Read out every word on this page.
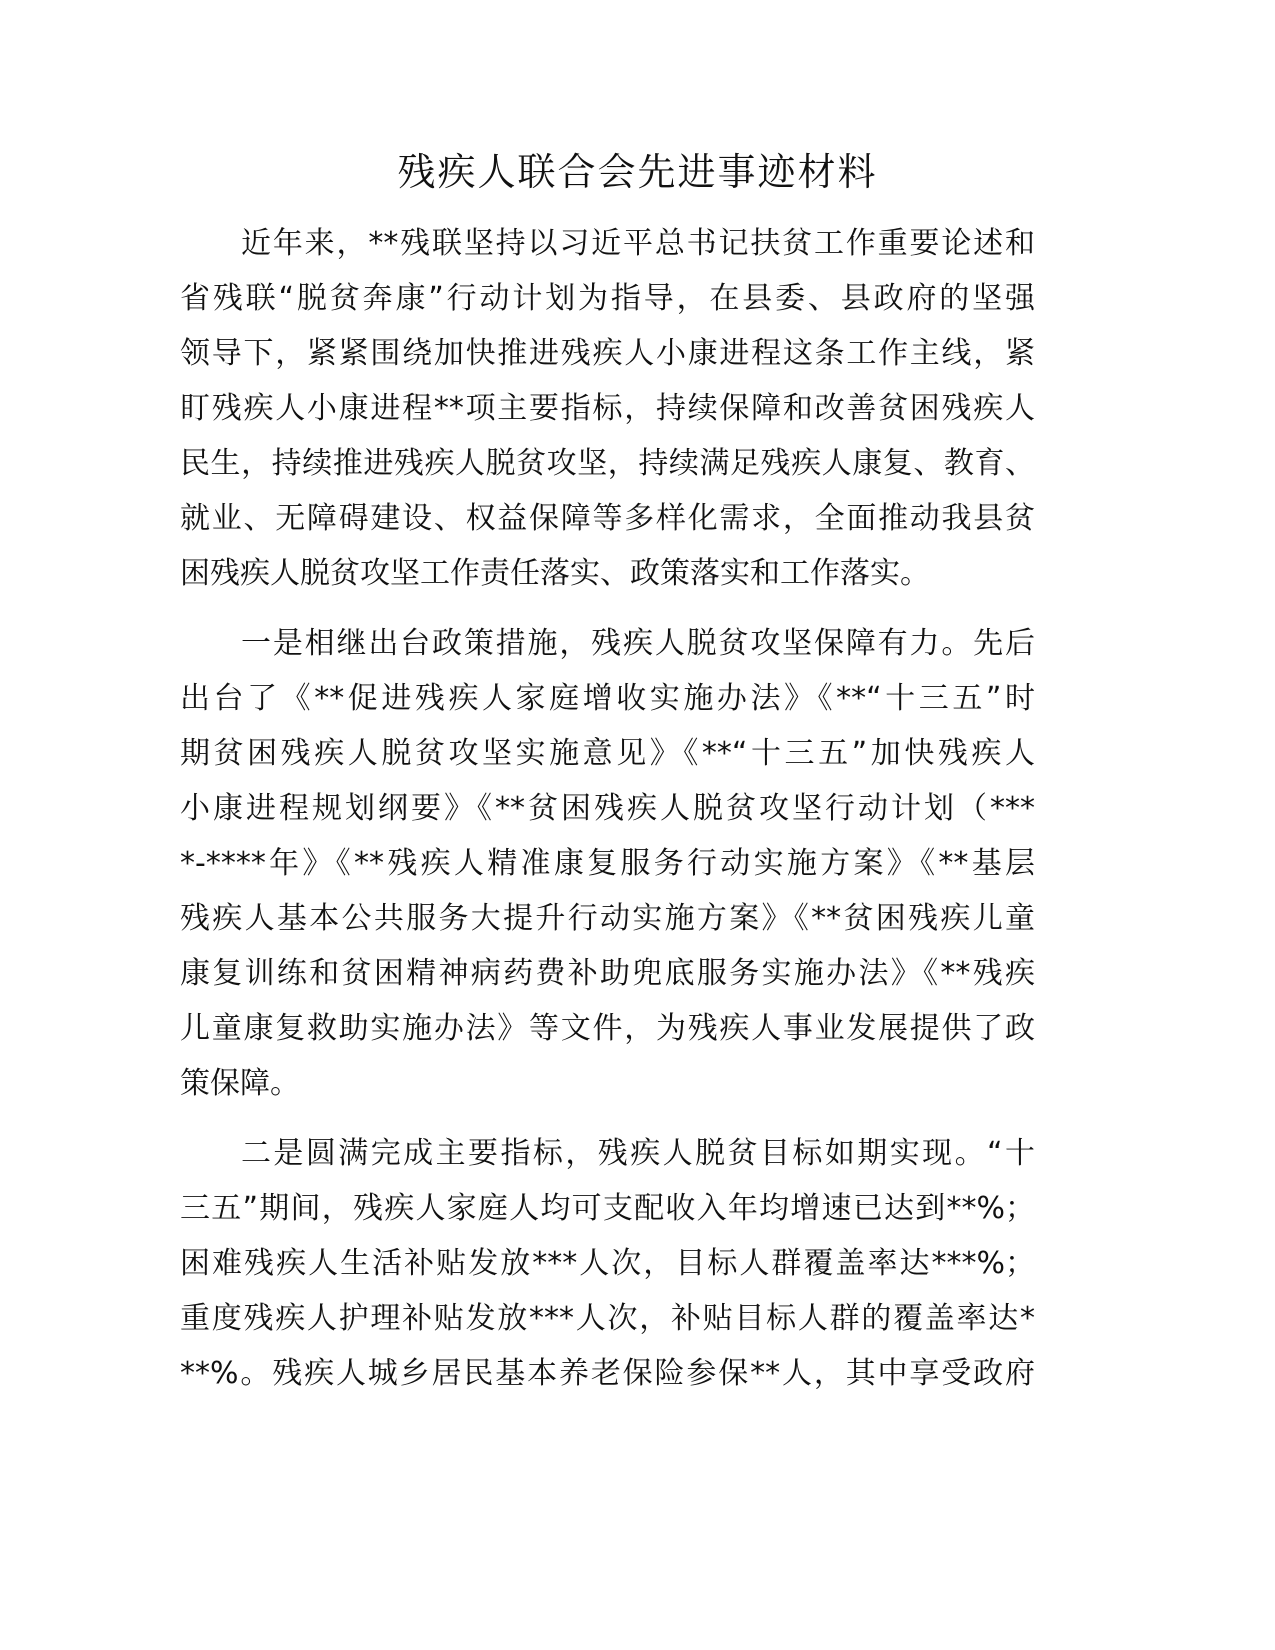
残疾人联合会先进事迹材料
近年来，**残联坚持以习近平总书记扶贫工作重要论述和
省残联“脱贫奔康”行动计划为指导，在县委、县政府的坚强
领导下，紧紧围绕加快推进残疾人小康进程这条工作主线，紧
盯残疾人小康进程**项主要指标，持续保障和改善贫困残疾人
民生，持续推进残疾人脱贫攻坚，持续满足残疾人康复、教育、
就业、无障碍建设、权益保障等多样化需求，全面推动我县贫
困残疾人脱贫攻坚工作责任落实、政策落实和工作落实。
一是相继出台政策措施，残疾人脱贫攻坚保障有力。先后
出台了《**促进残疾人家庭增收实施办法》《**“十三五”时
期贫困残疾人脱贫攻坚实施意见》《**“十三五”加快残疾人
小康进程规划纲要》《**贫困残疾人脱贫攻坚行动计划（***
*-****年》《**残疾人精准康复服务行动实施方案》《**基层
残疾人基本公共服务大提升行动实施方案》《**贫困残疾儿童
康复训练和贫困精神病药费补助兜底服务实施办法》《**残疾
儿童康复救助实施办法》等文件，为残疾人事业发展提供了政
策保障。
二是圆满完成主要指标，残疾人脱贫目标如期实现。“十
三五”期间，残疾人家庭人均可支配收入年均增速已达到**%；
困难残疾人生活补贴发放***人次，目标人群覆盖率达***%；
重度残疾人护理补贴发放***人次，补贴目标人群的覆盖率达*
**%。残疾人城乡居民基本养老保险参保**人，其中享受政府
